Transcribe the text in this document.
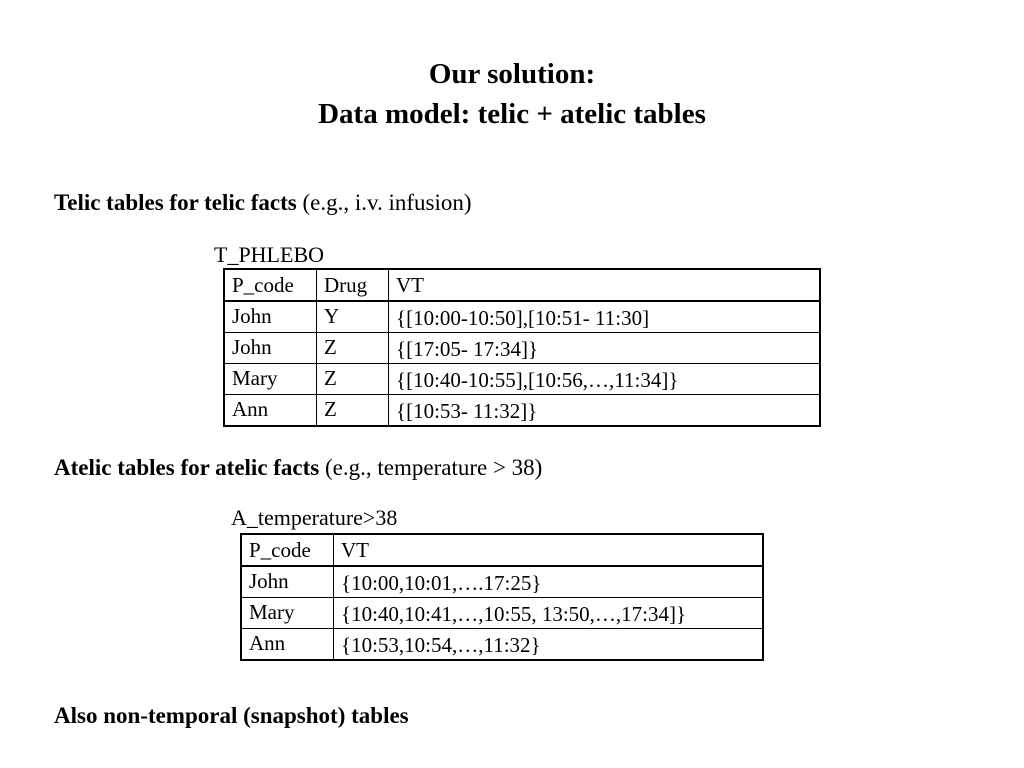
Our solution:
Data model: telic + atelic tables
Telic tables for telic facts (e.g., i.v. infusion)
T_PHLEBO
P_code	Drug	VT
John	Y	{[10:00-10:50],[10:51- 11:30]
John	Z	{[17:05- 17:34]}
Mary	Z	{[10:40-10:55],[10:56,…,11:34]}
Ann	Z	{[10:53- 11:32]}
Atelic tables for atelic facts (e.g., temperature > 38)
A_temperature>38
P_code	VT
John	{10:00,10:01,….17:25}
Mary	{10:40,10:41,…,10:55, 13:50,…,17:34]}
Ann	{10:53,10:54,…,11:32}
Also non-temporal (snapshot) tables
